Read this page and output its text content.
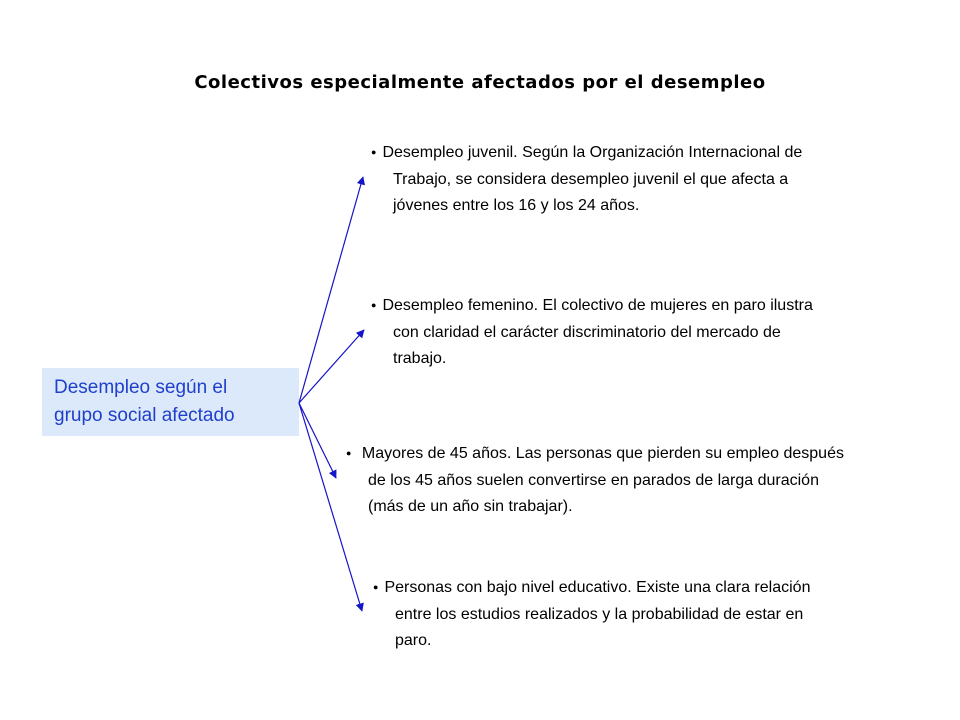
Colectivos especialmente afectados por el desempleo
Desempleo según el
grupo social afectado
● Desempleo juvenil. Según la Organización Internacional de
Trabajo, se considera desempleo juvenil el que afecta a
jóvenes entre los 16 y los 24 años.
● Desempleo femenino. El colectivo de mujeres en paro ilustra
con claridad el carácter discriminatorio del mercado de
trabajo.
● Mayores de 45 años. Las personas que pierden su empleo después
de los 45 años suelen convertirse en parados de larga duración
(más de un año sin trabajar).
● Personas con bajo nivel educativo. Existe una clara relación
entre los estudios realizados y la probabilidad de estar en
paro.
